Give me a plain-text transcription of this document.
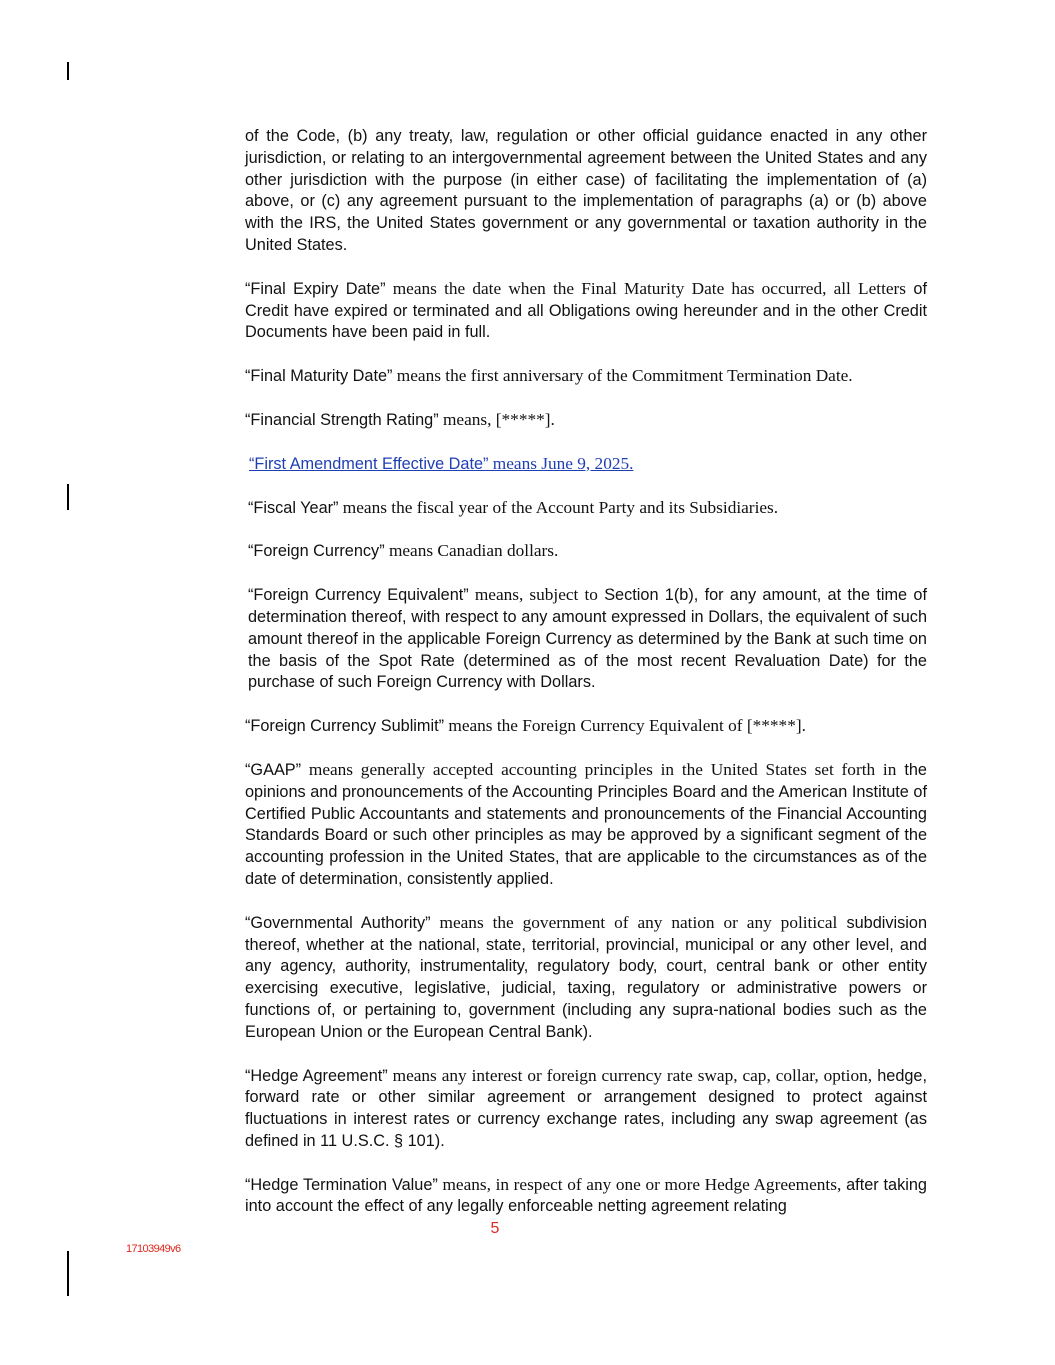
of the Code, (b) any treaty, law, regulation or other official guidance enacted in any other jurisdiction, or relating to an intergovernmental agreement between the United States and any other jurisdiction with the purpose (in either case) of facilitating the implementation of (a) above, or (c) any agreement pursuant to the implementation of paragraphs (a) or (b) above with the IRS, the United States government or any governmental or taxation authority in the United States.

“Final Expiry Date” means the date when the Final Maturity Date has occurred, all Letters of Credit have expired or terminated and all Obligations owing hereunder and in the other Credit Documents have been paid in full.

“Final Maturity Date” means the first anniversary of the Commitment Termination Date.

“Financial Strength Rating” means, [*****].

“First Amendment Effective Date” means June 9, 2025.

“Fiscal Year” means the fiscal year of the Account Party and its Subsidiaries.

“Foreign Currency” means Canadian dollars.

“Foreign Currency Equivalent” means, subject to Section 1(b), for any amount, at the time of determination thereof, with respect to any amount expressed in Dollars, the equivalent of such amount thereof in the applicable Foreign Currency as determined by the Bank at such time on the basis of the Spot Rate (determined as of the most recent Revaluation Date) for the purchase of such Foreign Currency with Dollars.

“Foreign Currency Sublimit” means the Foreign Currency Equivalent of [*****].

“GAAP” means generally accepted accounting principles in the United States set forth in the opinions and pronouncements of the Accounting Principles Board and the American Institute of Certified Public Accountants and statements and pronouncements of the Financial Accounting Standards Board or such other principles as may be approved by a significant segment of the accounting profession in the United States, that are applicable to the circumstances as of the date of determination, consistently applied.

“Governmental Authority” means the government of any nation or any political subdivision thereof, whether at the national, state, territorial, provincial, municipal or any other level, and any agency, authority, instrumentality, regulatory body, court, central bank or other entity exercising executive, legislative, judicial, taxing, regulatory or administrative powers or functions of, or pertaining to, government (including any supra-national bodies such as the European Union or the European Central Bank).

“Hedge Agreement” means any interest or foreign currency rate swap, cap, collar, option, hedge, forward rate or other similar agreement or arrangement designed to protect against fluctuations in interest rates or currency exchange rates, including any swap agreement (as defined in 11 U.S.C. § 101).

“Hedge Termination Value” means, in respect of any one or more Hedge Agreements, after taking into account the effect of any legally enforceable netting agreement relating

5
17103949v6
